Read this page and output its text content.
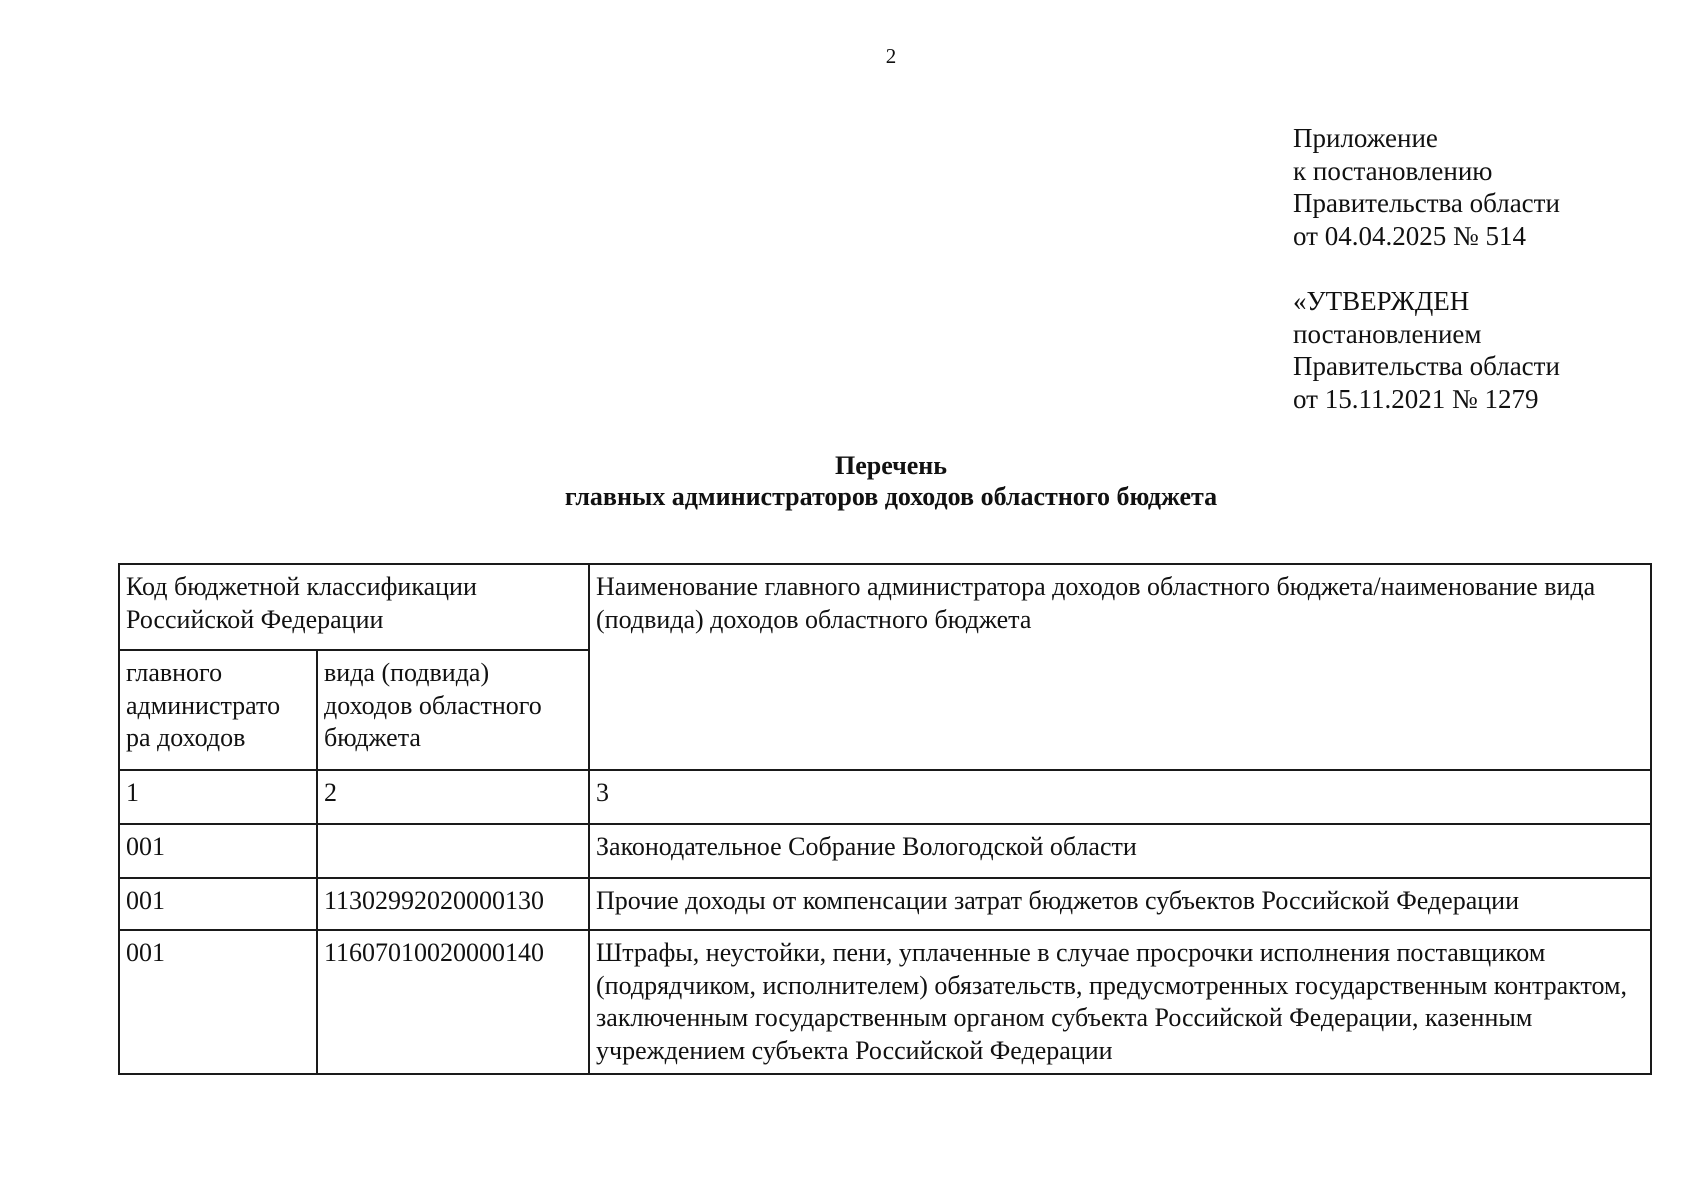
2
Приложение
к постановлению
Правительства области
от 04.04.2025 № 514
«УТВЕРЖДЕН
постановлением
Правительства области
от 15.11.2021 № 1279
Перечень
главных администраторов доходов областного бюджета
Код бюджетной классификации Российской Федерации		Наименование главного администратора доходов областного бюджета/наименование вида (подвида) доходов областного бюджета
главного администрато ра доходов	вида (подвида) доходов областного бюджета	
1	2	3
001		Законодательное Собрание Вологодской области
001	11302992020000130	Прочие доходы от компенсации затрат бюджетов субъектов Российской Федерации
001	11607010020000140	Штрафы, неустойки, пени, уплаченные в случае просрочки исполнения поставщиком (подрядчиком, исполнителем) обязательств, предусмотренных государственным контрактом, заключенным государственным органом субъекта Российской Федерации, казенным учреждением субъекта Российской Федерации
